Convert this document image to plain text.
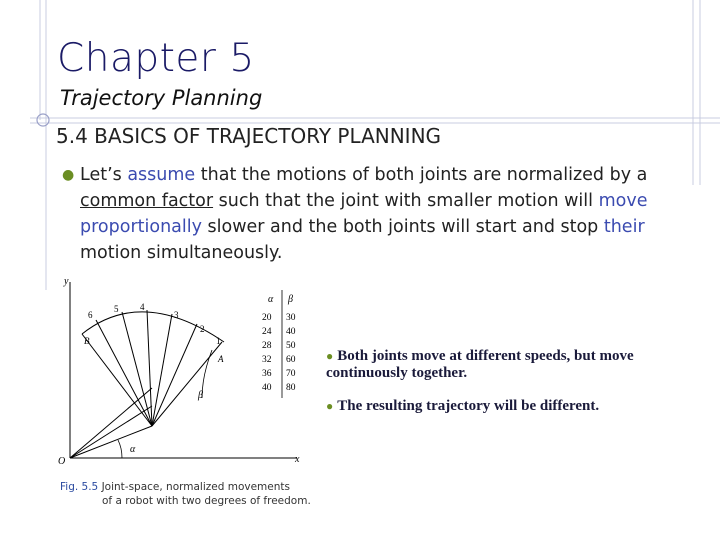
Chapter 5
Trajectory Planning
5.4 BASICS OF TRAJECTORY PLANNING
● Let’s assume that the motions of both joints are normalized by a common factor such that the joint with smaller motion will move proportionally slower and the both joints will start and stop their motion simultaneously.
y
x
O
6
5 4
3
2
1
B
A
β
α
α β
20 30
24 40
28 50
32 60
36 70
40 80
● Both joints move at different speeds, but move continuously together.
● The resulting trajectory will be different.
Fig. 5.5 Joint-space, normalized movements
of a robot with two degrees of freedom.
